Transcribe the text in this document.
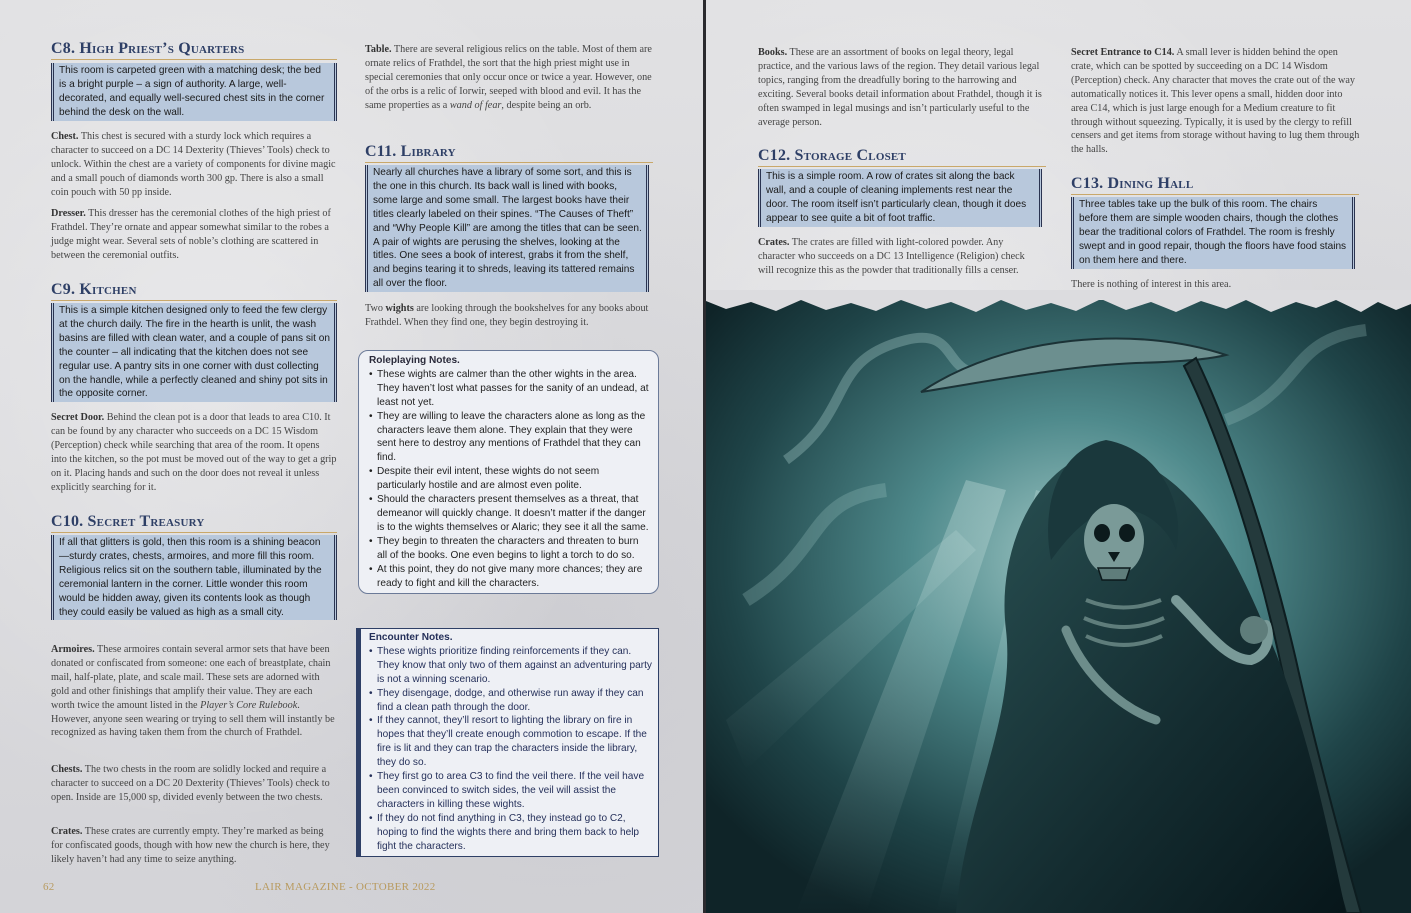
C8. High Priest’s Quarters
This room is carpeted green with a matching desk; the bed is a bright purple – a sign of authority. A large, well-decorated, and equally well-secured chest sits in the corner behind the desk on the wall.

Chest. This chest is secured with a sturdy lock which requires a character to succeed on a DC 14 Dexterity (Thieves’ Tools) check to unlock. Within the chest are a variety of components for divine magic and a small pouch of diamonds worth 300 gp. There is also a small coin pouch with 50 pp inside.

Dresser. This dresser has the ceremonial clothes of the high priest of Frathdel. They’re ornate and appear somewhat similar to the robes a judge might wear. Several sets of noble’s clothing are scattered in between the ceremonial outfits.

C9. Kitchen
This is a simple kitchen designed only to feed the few clergy at the church daily. The fire in the hearth is unlit, the wash basins are filled with clean water, and a couple of pans sit on the counter – all indicating that the kitchen does not see regular use. A pantry sits in one corner with dust collecting on the handle, while a perfectly cleaned and shiny pot sits in the opposite corner.

Secret Door. Behind the clean pot is a door that leads to area C10. It can be found by any character who succeeds on a DC 15 Wisdom (Perception) check while searching that area of the room. It opens into the kitchen, so the pot must be moved out of the way to get a grip on it. Placing hands and such on the door does not reveal it unless explicitly searching for it.

C10. Secret Treasury
If all that glitters is gold, then this room is a shining beacon—sturdy crates, chests, armoires, and more fill this room. Religious relics sit on the southern table, illuminated by the ceremonial lantern in the corner. Little wonder this room would be hidden away, given its contents look as though they could easily be valued as high as a small city.

Armoires. These armoires contain several armor sets that have been donated or confiscated from someone: one each of breastplate, chain mail, half-plate, plate, and scale mail. These sets are adorned with gold and other finishings that amplify their value. They are each worth twice the amount listed in the Player’s Core Rulebook. However, anyone seen wearing or trying to sell them will instantly be recognized as having taken them from the church of Frathdel.

Chests. The two chests in the room are solidly locked and require a character to succeed on a DC 20 Dexterity (Thieves’ Tools) check to open. Inside are 15,000 sp, divided evenly between the two chests.

Crates. These crates are currently empty. They’re marked as being for confiscated goods, though with how new the church is here, they likely haven’t had any time to seize anything.

Table. There are several religious relics on the table. Most of them are ornate relics of Frathdel, the sort that the high priest might use in special ceremonies that only occur once or twice a year. However, one of the orbs is a relic of Iorwir, seeped with blood and evil. It has the same properties as a wand of fear, despite being an orb.

C11. Library
Nearly all churches have a library of some sort, and this is the one in this church. Its back wall is lined with books, some large and some small. The largest books have their titles clearly labeled on their spines. “The Causes of Theft” and “Why People Kill” are among the titles that can be seen. A pair of wights are perusing the shelves, looking at the titles. One sees a book of interest, grabs it from the shelf, and begins tearing it to shreds, leaving its tattered remains all over the floor.

Two wights are looking through the bookshelves for any books about Frathdel. When they find one, they begin destroying it.

Roleplaying Notes.
• These wights are calmer than the other wights in the area. They haven’t lost what passes for the sanity of an undead, at least not yet.
• They are willing to leave the characters alone as long as the characters leave them alone. They explain that they were sent here to destroy any mentions of Frathdel that they can find.
• Despite their evil intent, these wights do not seem particularly hostile and are almost even polite.
• Should the characters present themselves as a threat, that demeanor will quickly change. It doesn’t matter if the danger is to the wights themselves or Alaric; they see it all the same.
• They begin to threaten the characters and threaten to burn all of the books. One even begins to light a torch to do so.
• At this point, they do not give many more chances; they are ready to fight and kill the characters.
Encounter Notes.
• These wights prioritize finding reinforcements if they can. They know that only two of them against an adventuring party is not a winning scenario.
• They disengage, dodge, and otherwise run away if they can find a clean path through the door.
• If they cannot, they’ll resort to lighting the library on fire in hopes that they’ll create enough commotion to escape. If the fire is lit and they can trap the characters inside the library, they do so.
• They first go to area C3 to find the veil there. If the veil have been convinced to switch sides, the veil will assist the characters in killing these wights.
• If they do not find anything in C3, they instead go to C2, hoping to find the wights there and bring them back to help fight the characters.
62	LAIR MAGAZINE - OCTOBER 2022

Books. These are an assortment of books on legal theory, legal practice, and the various laws of the region. They detail various legal topics, ranging from the dreadfully boring to the harrowing and exciting. Several books detail information about Frathdel, though it is often swamped in legal musings and isn’t particularly useful to the average person.

C12. Storage Closet
This is a simple room. A row of crates sit along the back wall, and a couple of cleaning implements rest near the door. The room itself isn’t particularly clean, though it does appear to see quite a bit of foot traffic.

Crates. The crates are filled with light-colored powder. Any character who succeeds on a DC 13 Intelligence (Religion) check will recognize this as the powder that traditionally fills a censer.

Secret Entrance to C14. A small lever is hidden behind the open crate, which can be spotted by succeeding on a DC 14 Wisdom (Perception) check. Any character that moves the crate out of the way automatically notices it. This lever opens a small, hidden door into area C14, which is just large enough for a Medium creature to fit through without squeezing. Typically, it is used by the clergy to refill censers and get items from storage without having to lug them through the halls.

C13. Dining Hall
Three tables take up the bulk of this room. The chairs before them are simple wooden chairs, though the clothes bear the traditional colors of Frathdel. The room is freshly swept and in good repair, though the floors have food stains on them here and there.

There is nothing of interest in this area.
